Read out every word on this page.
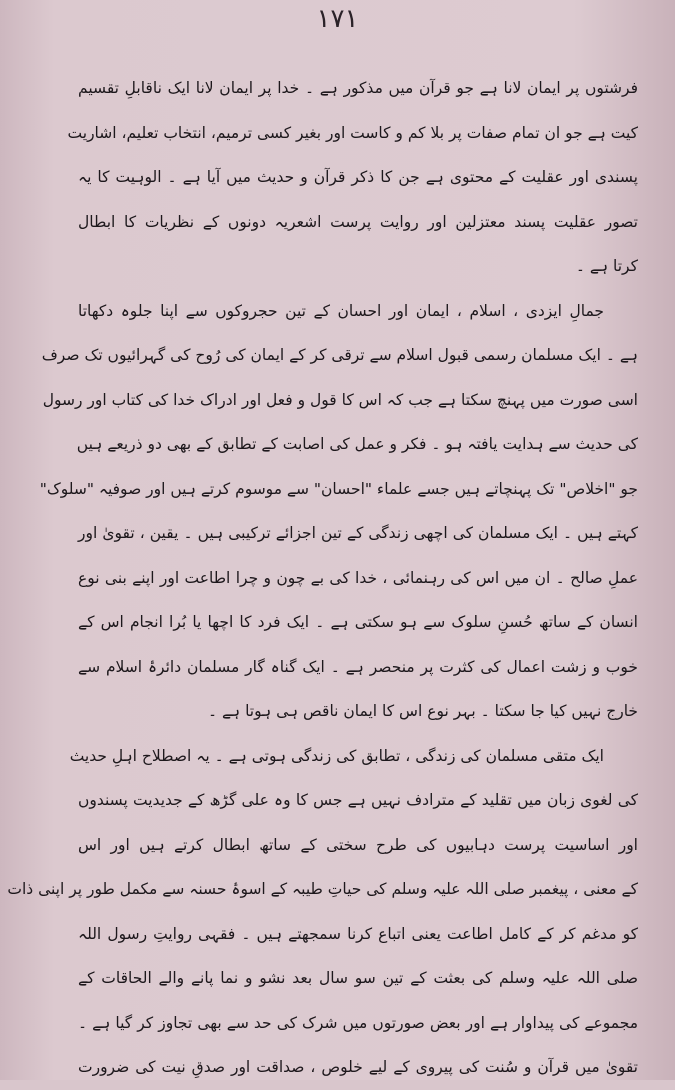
۱۷۱
فرشتوں پر ایمان لانا ہے جو قرآن میں مذکور ہے ۔ خدا پر ایمان لانا ایک ناقابلِ تقسیم
کیت ہے جو ان تمام صفات پر بلا کم و کاست اور بغیر کسی ترمیم، انتخاب تعلیم، اشاریت
پسندی اور عقلیت کے محتوی ہے جن کا ذکر قرآن و حدیث میں آیا ہے ۔ الوہیت کا یہ
تصور عقلیت پسند معتزلین اور روایت پرست اشعریہ دونوں کے نظریات کا ابطال
کرتا ہے ۔
جمالِ ایزدی ، اسلام ، ایمان اور احسان کے تین حجروکوں سے اپنا جلوہ دکھاتا
ہے ۔ ایک مسلمان رسمی قبول اسلام سے ترقی کر کے ایمان کی رُوح کی گہرائیوں تک صرف
اسی صورت میں پہنچ سکتا ہے جب کہ اس کا قول و فعل اور ادراک خدا کی کتاب اور رسول
کی حدیث سے ہدایت یافتہ ہو ۔ فکر و عمل کی اصابت کے تطابق کے بھی دو ذریعے ہیں
جو "اخلاص" تک پہنچاتے ہیں جسے علماء "احسان" سے موسوم کرتے ہیں اور صوفیہ "سلوک"
کہتے ہیں ۔ ایک مسلمان کی اچھی زندگی کے تین اجزائے ترکیبی ہیں ۔ یقین ، تقویٰ اور
عملِ صالح ۔ ان میں اس کی رہنمائی ، خدا کی بے چون و چرا اطاعت اور اپنے بنی نوع
انسان کے ساتھ حُسنِ سلوک سے ہو سکتی ہے ۔ ایک فرد کا اچھا یا بُرا انجام اس کے
خوب و زشت اعمال کی کثرت پر منحصر ہے ۔ ایک گناہ گار مسلمان دائرۂ اسلام سے
خارج نہیں کیا جا سکتا ۔ بہر نوع اس کا ایمان ناقص ہی ہوتا ہے ۔
ایک متقی مسلمان کی زندگی ، تطابق کی زندگی ہوتی ہے ۔ یہ اصطلاح اہلِ حدیث
کی لغوی زبان میں تقلید کے مترادف نہیں ہے جس کا وہ علی گڑھ کے جدیدیت پسندوں
اور اساسیت پرست دہابیوں کی طرح سختی کے ساتھ ابطال کرتے ہیں اور اس
کے معنی ، پیغمبر صلی اللہ علیہ وسلم کی حیاتِ طیبہ کے اسوۂ حسنہ سے مکمل طور پر اپنی ذات
کو مدغم کر کے کامل اطاعت یعنی اتباع کرنا سمجھتے ہیں ۔ فقہی روایتِ رسول اللہ
صلی اللہ علیہ وسلم کی بعثت کے تین سو سال بعد نشو و نما پانے والے الحاقات کے
مجموعے کی پیداوار ہے اور بعض صورتوں میں شرک کی حد سے بھی تجاوز کر گیا ہے ۔
تقویٰ میں قرآن و سُنت کی پیروی کے لیے خلوص ، صداقت اور صدقِ نیت کی ضرورت
